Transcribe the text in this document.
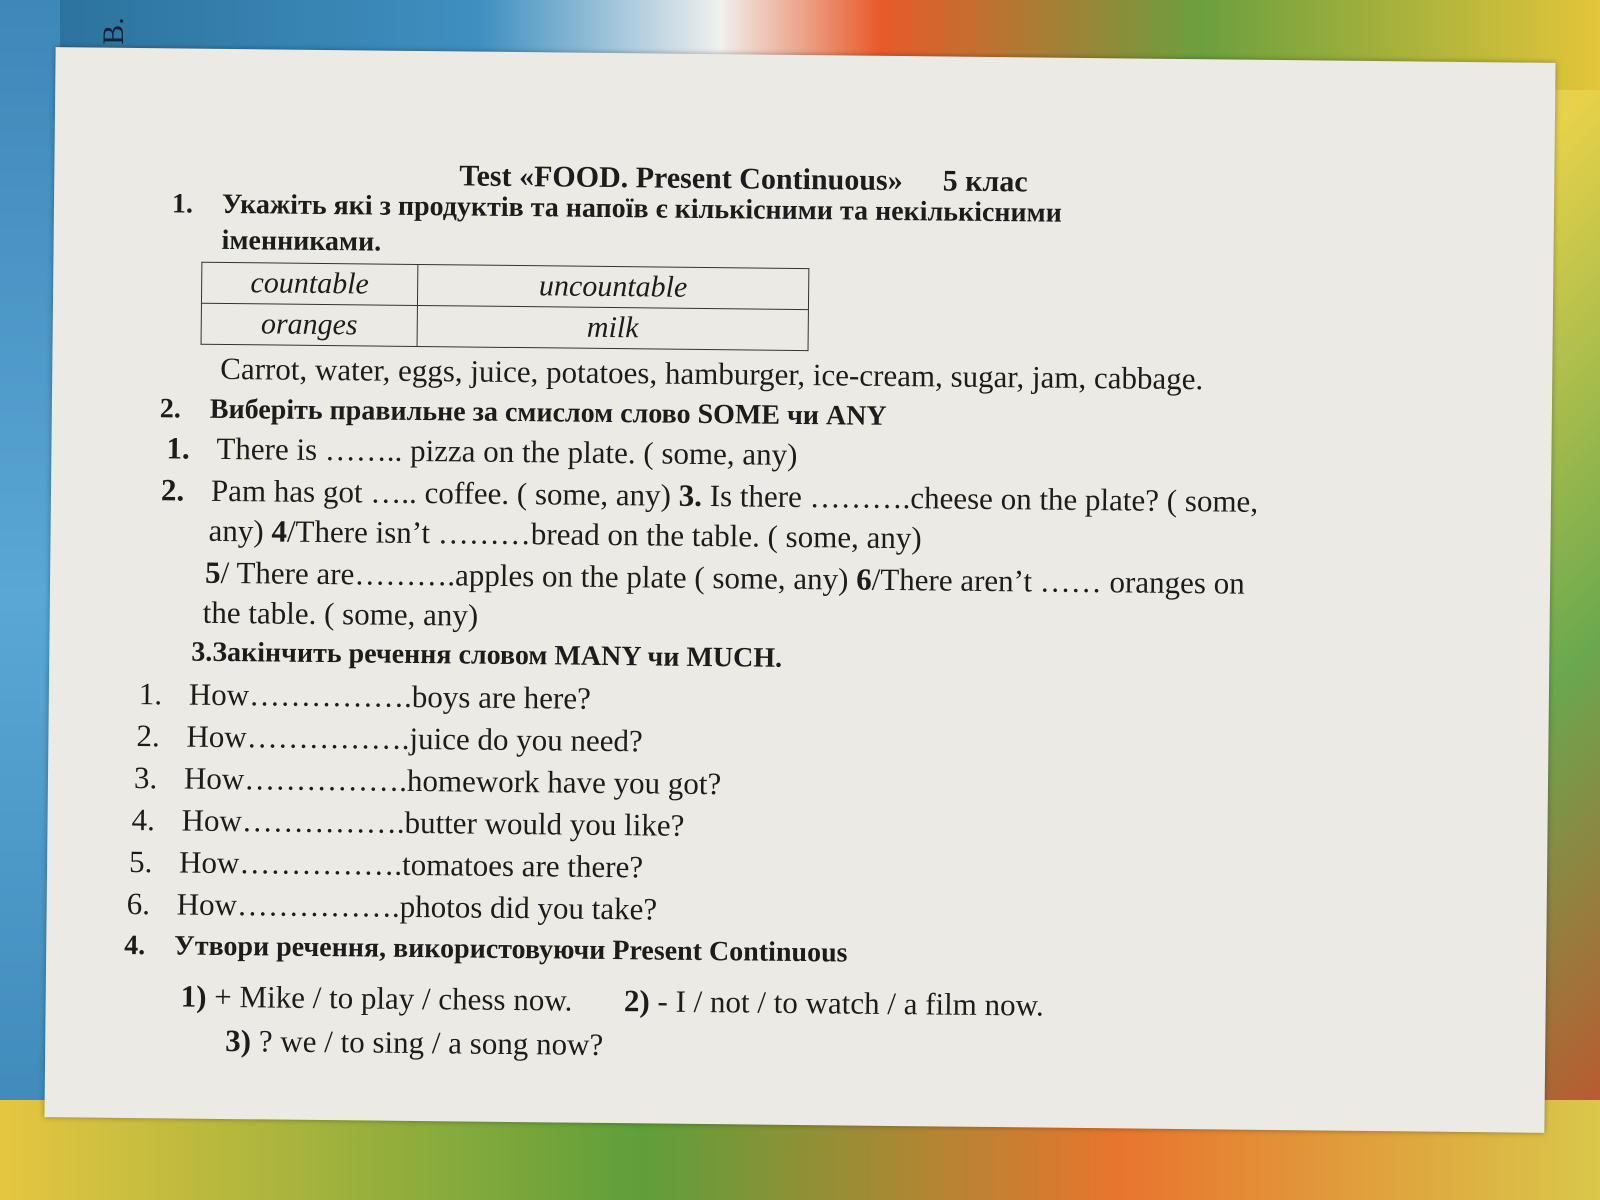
В.
Test «FOOD. Present Continuous» 5 клас
1. Укажіть які з продуктів та напоїв є кількісними та некількісними
іменниками.
countable	uncountable
oranges	milk
Carrot, water, eggs, juice, potatoes, hamburger, ice-cream, sugar, jam, cabbage.
2. Виберіть правильне за смислом слово SOME чи ANY
1. There is …….. pizza on the plate. ( some, any)
2. Pam has got ….. coffee. ( some, any) 3. Is there ……….cheese on the plate? ( some,
any) 4/There isn’t ………bread on the table. ( some, any)
5/ There are……….apples on the plate ( some, any) 6/There aren’t …… oranges on
the table. ( some, any)
3.Закінчить речення словом MANY чи MUCH.
1. How…………….boys are here?
2. How…………….juice do you need?
3. How…………….homework have you got?
4. How…………….butter would you like?
5. How…………….tomatoes are there?
6. How…………….photos did you take?
4. Утвори речення, використовуючи Present Continuous
1) + Mike / to play / chess now. 2) - I / not / to watch / a film now.
3) ? we / to sing / a song now?
